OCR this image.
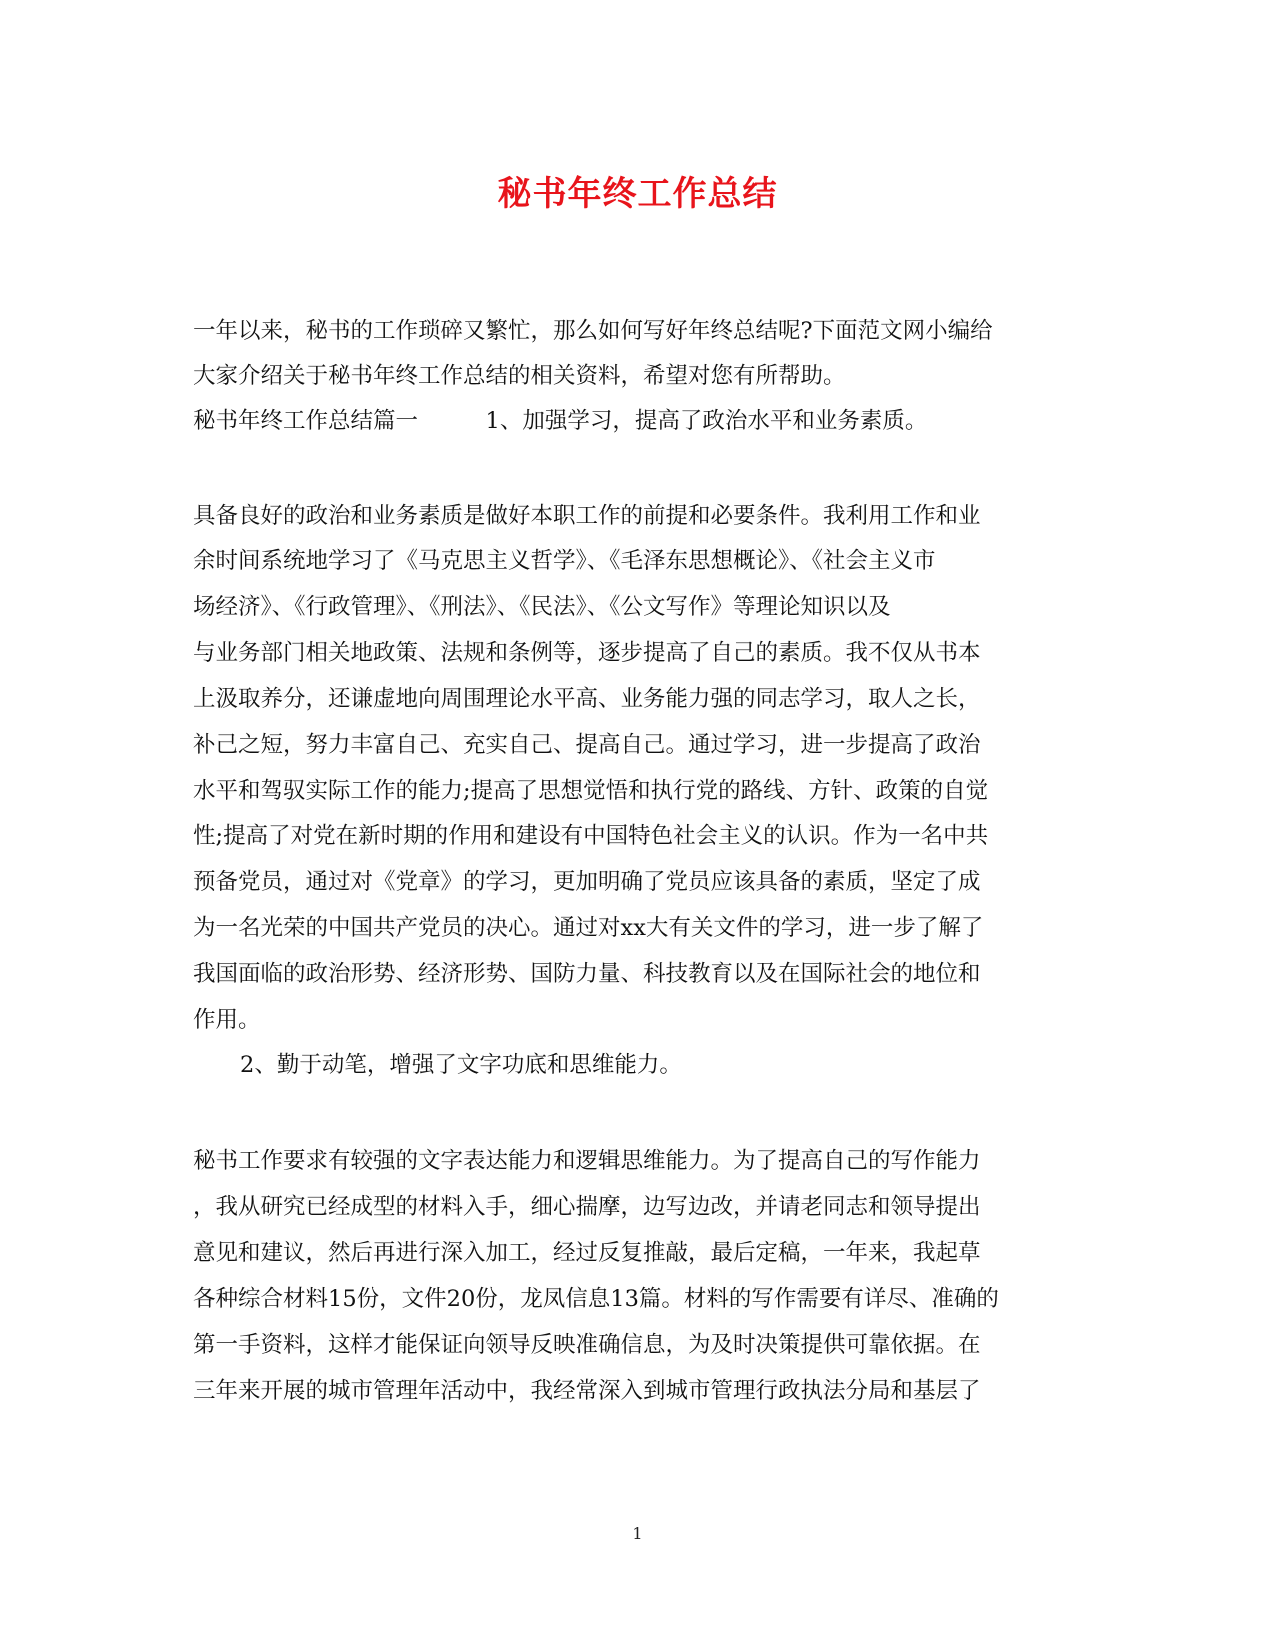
秘书年终工作总结
一年以来，秘书的工作琐碎又繁忙，那么如何写好年终总结呢?下面范文网小编给
大家介绍关于秘书年终工作总结的相关资料，希望对您有所帮助。
秘书年终工作总结篇一　　　1、加强学习，提高了政治水平和业务素质。
具备良好的政治和业务素质是做好本职工作的前提和必要条件。我利用工作和业
余时间系统地学习了《马克思主义哲学》、《毛泽东思想概论》、《社会主义市
场经济》、《行政管理》、《刑法》、《民法》、《公文写作》等理论知识以及
与业务部门相关地政策、法规和条例等，逐步提高了自己的素质。我不仅从书本
上汲取养分，还谦虚地向周围理论水平高、业务能力强的同志学习，取人之长，
补己之短，努力丰富自己、充实自己、提高自己。通过学习，进一步提高了政治
水平和驾驭实际工作的能力;提高了思想觉悟和执行党的路线、方针、政策的自觉
性;提高了对党在新时期的作用和建设有中国特色社会主义的认识。作为一名中共
预备党员，通过对《党章》的学习，更加明确了党员应该具备的素质，坚定了成
为一名光荣的中国共产党员的决心。通过对xx大有关文件的学习，进一步了解了
我国面临的政治形势、经济形势、国防力量、科技教育以及在国际社会的地位和
作用。
2、勤于动笔，增强了文字功底和思维能力。
秘书工作要求有较强的文字表达能力和逻辑思维能力。为了提高自己的写作能力
，我从研究已经成型的材料入手，细心揣摩，边写边改，并请老同志和领导提出
意见和建议，然后再进行深入加工，经过反复推敲，最后定稿，一年来，我起草
各种综合材料15份，文件20份，龙凤信息13篇。材料的写作需要有详尽、准确的
第一手资料，这样才能保证向领导反映准确信息，为及时决策提供可靠依据。在
三年来开展的城市管理年活动中，我经常深入到城市管理行政执法分局和基层了
1
